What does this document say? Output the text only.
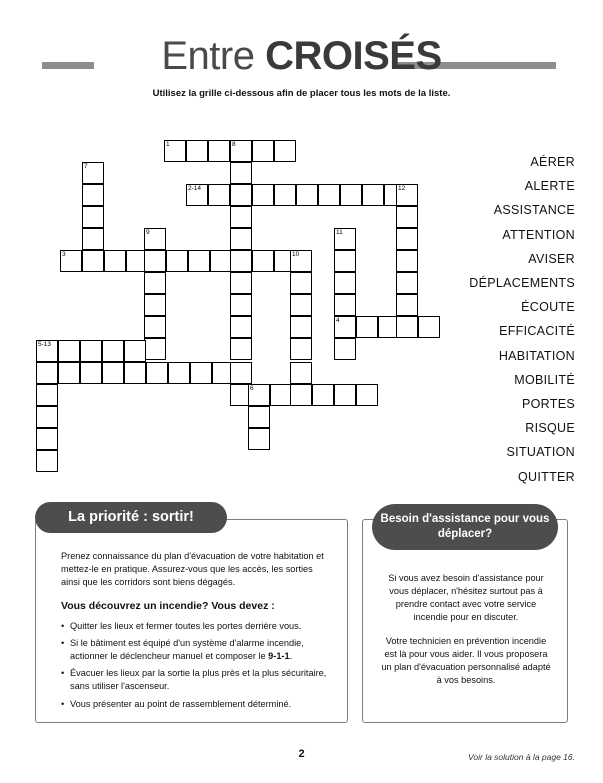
Entre CROISÉS
Utilisez la grille ci-dessous afin de placer tous les mots de la liste.
1	8
7
2-14	12
9	11
3	10
4
5-13
6
AÉRER
ALERTE
ASSISTANCE
ATTENTION
AVISER
DÉPLACEMENTS
ÉCOUTE
EFFICACITÉ
HABITATION
MOBILITÉ
PORTES
RISQUE
SITUATION
QUITTER

Prenez connaissance du plan d'évacuation de votre habitation et mettez-le en pratique. Assurez-vous que les accès, les sorties ainsi que les corridors sont biens dégagés.

Vous découvrez un incendie? Vous devez :

• Quitter les lieux et fermer toutes les portes derrière vous.
• Si le bâtiment est équipé d'un système d'alarme incendie, actionner le déclencheur manuel et composer le 9-1-1.
• Évacuer les lieux par la sortie la plus près et la plus sécuritaire, sans utiliser l'ascenseur.
• Vous présenter au point de rassemblement déterminé.
La priorité : sortir!

Si vous avez besoin d'assistance pour vous déplacer, n'hésitez surtout pas à prendre contact avec votre service incendie pour en discuter.

Votre technicien en prévention incendie est là pour vous aider. Il vous proposera un plan d'évacuation personnalisé adapté à vos besoins.

Besoin d'assistance pour vous déplacer?
2	Voir la solution à la page 16.
